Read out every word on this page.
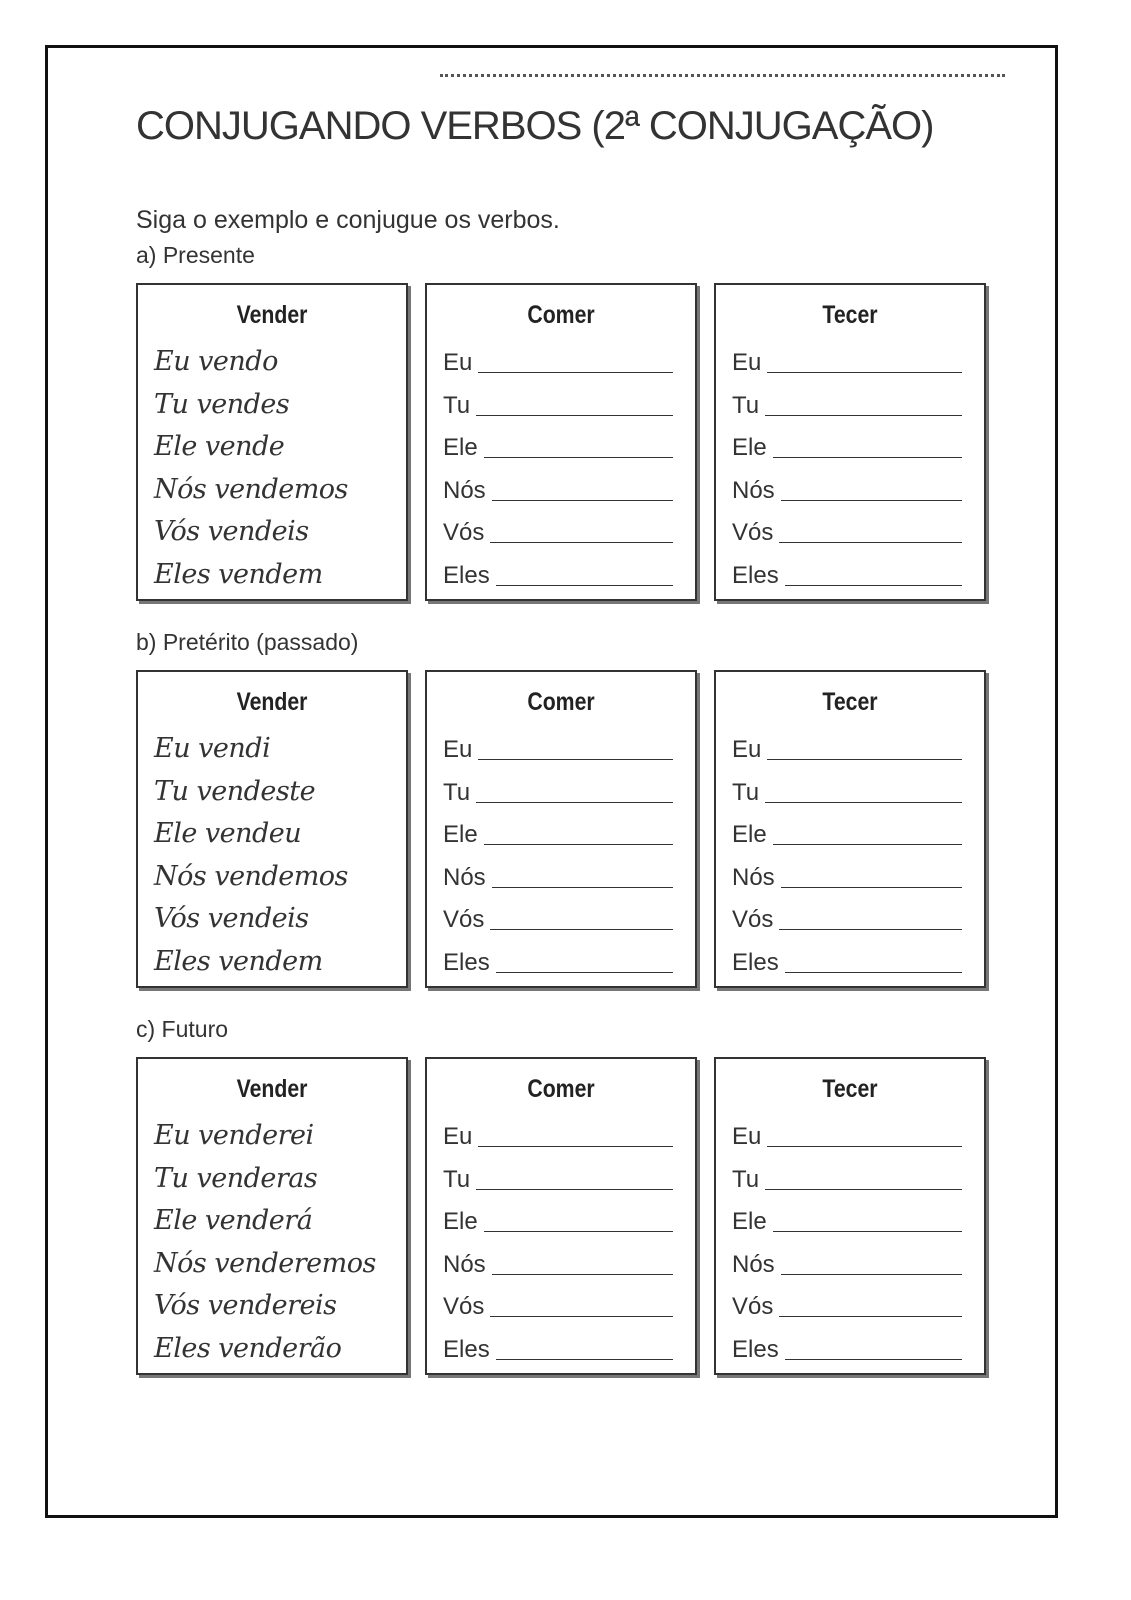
CONJUGANDO VERBOS (2ª CONJUGAÇÃO)
Siga o exemplo e conjugue os verbos.
a) Presente
Vender
Eu vendo
Tu vendes
Ele vende
Nós vendemos
Vós vendeis
Eles vendem
Comer
Eu
Tu
Ele
Nós
Vós
Eles
Tecer
Eu
Tu
Ele
Nós
Vós
Eles
b) Pretérito (passado)
Vender
Eu vendi
Tu vendeste
Ele vendeu
Nós vendemos
Vós vendeis
Eles vendem
Comer
Eu
Tu
Ele
Nós
Vós
Eles
Tecer
Eu
Tu
Ele
Nós
Vós
Eles
c) Futuro
Vender
Eu venderei
Tu venderas
Ele venderá
Nós venderemos
Vós vendereis
Eles venderão
Comer
Eu
Tu
Ele
Nós
Vós
Eles
Tecer
Eu
Tu
Ele
Nós
Vós
Eles
